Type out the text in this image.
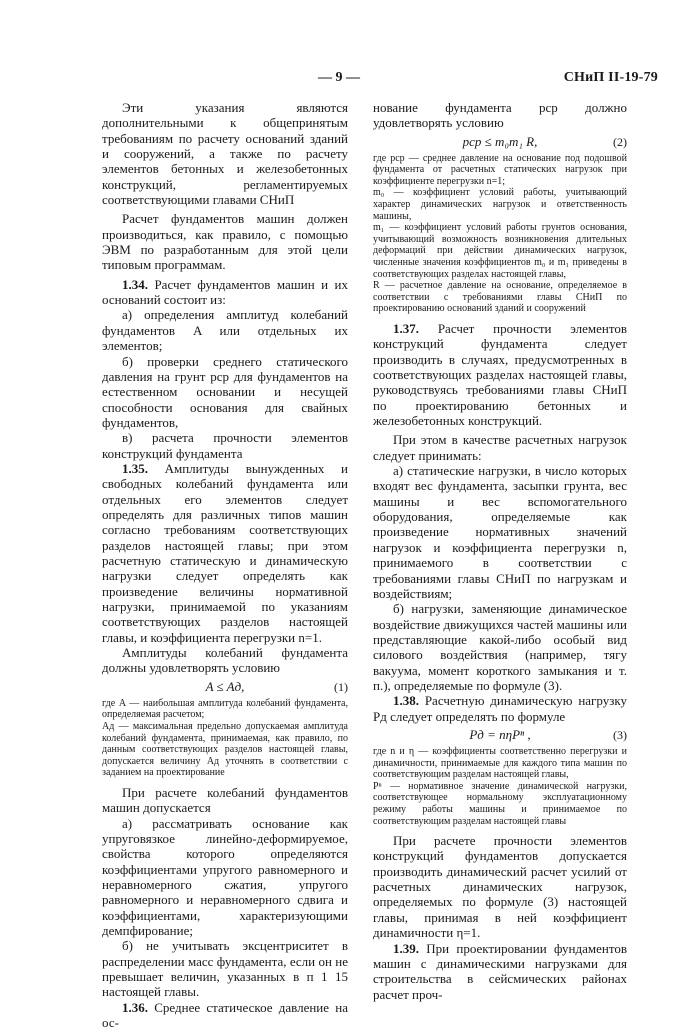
— 9 —	СНиП II-19-79

Эти указания являются дополнительными к общепринятым требованиям по расчету оснований зданий и сооружений, а также по расчету элементов бетонных и железобетонных конструкций, регламентируемых соответствующими главами СНиП

Расчет фундаментов машин должен производиться, как правило, с помощью ЭВМ по разработанным для этой цели типовым программам.

1.34. Расчет фундаментов машин и их оснований состоит из:

а) определения амплитуд колебаний фундаментов A или отдельных их элементов;

б) проверки среднего статического давления на грунт pср для фундаментов на естественном основании и несущей способности основания для свайных фундаментов,

в) расчета прочности элементов конструкций фундамента

1.35. Амплитуды вынужденных и свободных колебаний фундамента или отдельных его элементов следует определять для различных типов машин согласно требованиям соответствующих разделов настоящей главы; при этом расчетную статическую и динамическую нагрузки следует определять как произведение величины нормативной нагрузки, принимаемой по указаниям соответствующих разделов настоящей главы, и коэффициента перегрузки n=1.

Амплитуды колебаний фундамента должны удовлетворять условию

A ≤ Aд,	(1)

где A — наибольшая амплитуда колебаний фундамента, определяемая расчетом;

Aд — максимальная предельно допускаемая амплитуда колебаний фундамента, принимаемая, как правило, по данным соответствующих разделов настоящей главы, допускается величину Aд уточнять в соответствии с заданием на проектирование

При расчете колебаний фундаментов машин допускается

а) рассматривать основание как упруговязкое линейно-деформируемое, свойства которого определяются коэффициентами упругого равномерного и неравномерного сжатия, упругого равномерного и неравномерного сдвига и коэффициентами, характеризующими демпфирование;

б) не учитывать эксцентриситет в распределении масс фундамента, если он не превышает величин, указанных в п 1 15 настоящей главы.

1.36. Среднее статическое давление на ос-

нование фундамента pср должно удовлетворять условию

pср ≤ m₀m₁ R,	(2)

где pср — среднее давление на основание под подошвой фундамента от расчетных статических нагрузок при коэффициенте перегрузки n=1;

m₀ — коэффициент условий работы, учитывающий характер динамических нагрузок и ответственность машины,

m₁ — коэффициент условий работы грунтов основания, учитывающий возможность возникновения длительных деформаций при действии динамических нагрузок, численные значения коэффициентов m₀ и m₁ приведены в соответствующих разделах настоящей главы,

R — расчетное давление на основание, определяемое в соответствии с требованиями главы СНиП по проектированию оснований зданий и сооружений

1.37. Расчет прочности элементов конструкций фундамента следует производить в случаях, предусмотренных в соответствующих разделах настоящей главы, руководствуясь требованиями главы СНиП по проектированию бетонных и железобетонных конструкций.

При этом в качестве расчетных нагрузок следует принимать:

а) статические нагрузки, в число которых входят вес фундамента, засыпки грунта, вес машины и вес вспомогательного оборудования, определяемые как произведение нормативных значений нагрузок и коэффициента перегрузки n, принимаемого в соответствии с требованиями главы СНиП по нагрузкам и воздействиям;

б) нагрузки, заменяющие динамическое воздействие движущихся частей машины или представляющие какой-либо особый вид силового воздействия (например, тягу вакуума, момент короткого замыкания и т. п.), определяемые по формуле (3).

1.38. Расчетную динамическую нагрузку Pд следует определять по формуле

Pд = nηPⁿ ,	(3)

где n и η — коэффициенты соответственно перегрузки и динамичности, принимаемые для каждого типа машин по соответствующим разделам настоящей главы,

Pⁿ — нормативное значение динамической нагрузки, соответствующее нормальному эксплуатационному режиму работы машины и принимаемое по соответствующим разделам настоящей главы

При расчете прочности элементов конструкций фундаментов допускается производить динамический расчет усилий от расчетных динамических нагрузок, определяемых по формуле (3) настоящей главы, принимая в ней коэффициент динамичности η=1.

1.39. При проектировании фундаментов машин с динамическими нагрузками для строительства в сейсмических районах расчет проч-
